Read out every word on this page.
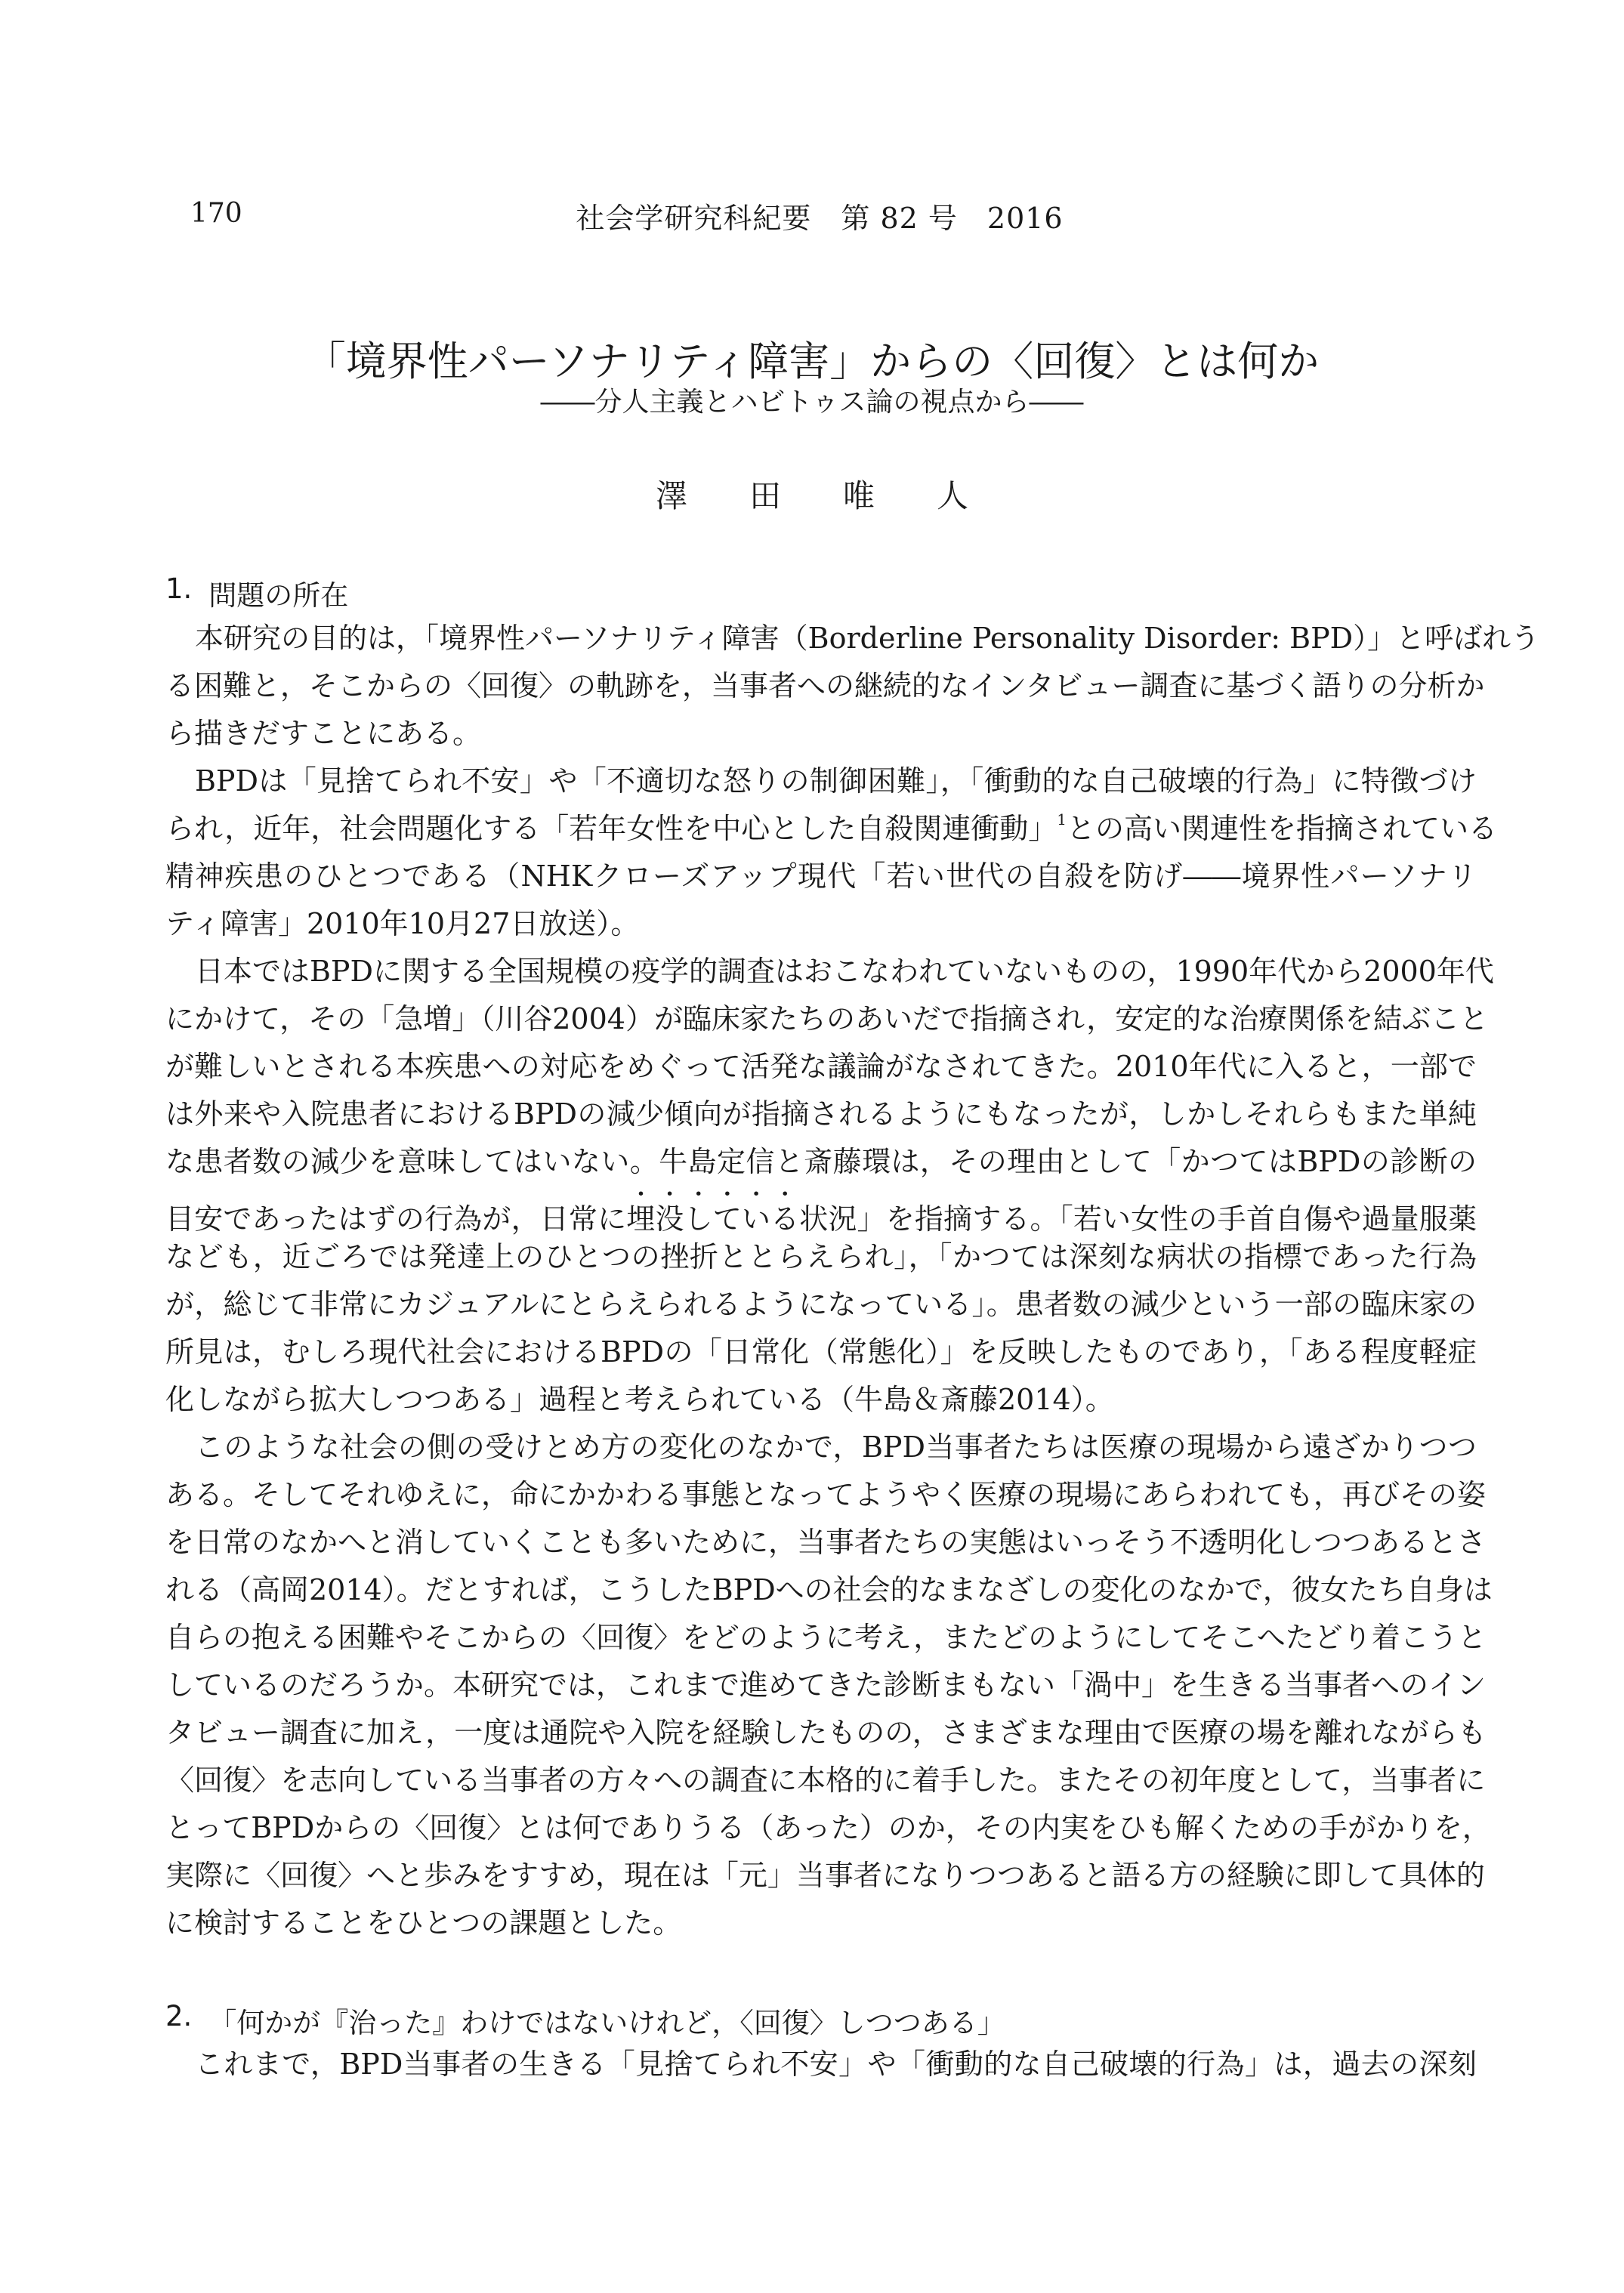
170	社会学研究科紀要　第 82 号　2016
「境界性パーソナリティ障害」からの〈回復〉とは何か
――分人主義とハビトゥス論の視点から――
澤 田 唯 人
1. 問題の所在
本研究の目的は，「境界性パーソナリティ障害（Borderline Personality Disorder: BPD）」と呼ばれう
る困難と，そこからの〈回復〉の軌跡を，当事者への継続的なインタビュー調査に基づく語りの分析か
ら描きだすことにある。
BPDは「見捨てられ不安」や「不適切な怒りの制御困難」，「衝動的な自己破壊的行為」に特徴づけ
られ，近年，社会問題化する「若年女性を中心とした自殺関連衝動」$^1$との高い関連性を指摘されている
精神疾患のひとつである（NHKクローズアップ現代「若い世代の自殺を防げ――境界性パーソナリ
ティ障害」2010年10月27日放送）。
日本ではBPDに関する全国規模の疫学的調査はおこなわれていないものの，1990年代から2000年代
にかけて，その「急増」（川谷2004）が臨床家たちのあいだで指摘され，安定的な治療関係を結ぶこと
が難しいとされる本疾患への対応をめぐって活発な議論がなされてきた。2010年代に入ると，一部で
は外来や入院患者におけるBPDの減少傾向が指摘されるようにもなったが，しかしそれらもまた単純
な患者数の減少を意味してはいない。牛島定信と斎藤環は，その理由として「かつてはBPDの診断の
目安であったはずの行為が，日常に埋没している状況」を指摘する。「若い女性の手首自傷や過量服薬
なども，近ごろでは発達上のひとつの挫折ととらえられ」，「かつては深刻な病状の指標であった行為
が，総じて非常にカジュアルにとらえられるようになっている」。患者数の減少という一部の臨床家の
所見は，むしろ現代社会におけるBPDの「日常化（常態化）」を反映したものであり，「ある程度軽症
化しながら拡大しつつある」過程と考えられている（牛島＆斎藤2014）。
このような社会の側の受けとめ方の変化のなかで，BPD当事者たちは医療の現場から遠ざかりつつ
ある。そしてそれゆえに，命にかかわる事態となってようやく医療の現場にあらわれても，再びその姿
を日常のなかへと消していくことも多いために，当事者たちの実態はいっそう不透明化しつつあるとさ
れる（高岡2014）。だとすれば，こうしたBPDへの社会的なまなざしの変化のなかで，彼女たち自身は
自らの抱える困難やそこからの〈回復〉をどのように考え，またどのようにしてそこへたどり着こうと
しているのだろうか。本研究では，これまで進めてきた診断まもない「渦中」を生きる当事者へのイン
タビュー調査に加え，一度は通院や入院を経験したものの，さまざまな理由で医療の場を離れながらも
〈回復〉を志向している当事者の方々への調査に本格的に着手した。またその初年度として，当事者に
とってBPDからの〈回復〉とは何でありうる（あった）のか，その内実をひも解くための手がかりを，
実際に〈回復〉へと歩みをすすめ，現在は「元」当事者になりつつあると語る方の経験に即して具体的
に検討することをひとつの課題とした。
2. 「何かが『治った』わけではないけれど，〈回復〉しつつある」
これまで，BPD当事者の生きる「見捨てられ不安」や「衝動的な自己破壊的行為」は，過去の深刻
